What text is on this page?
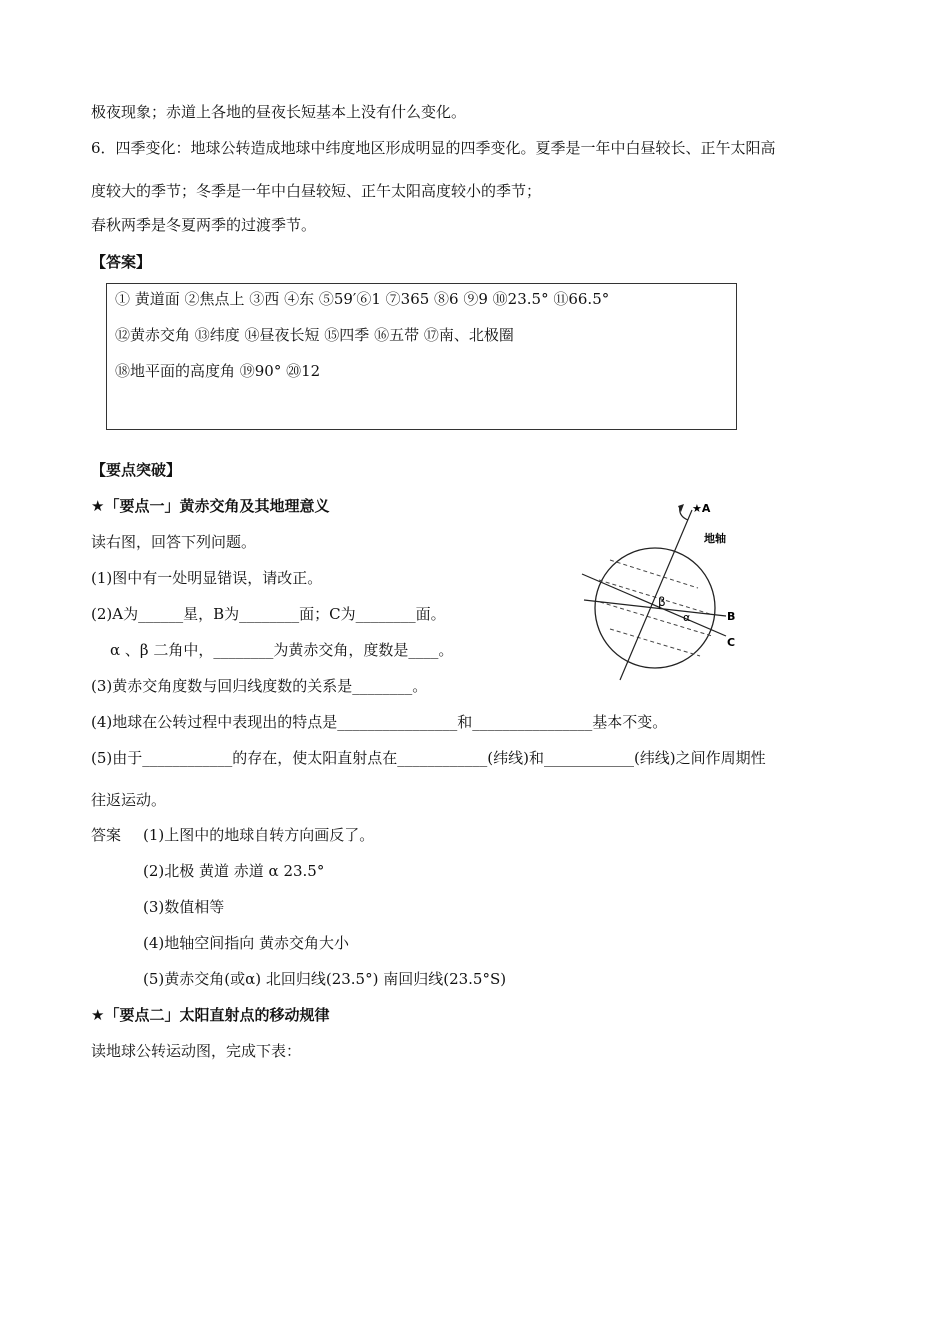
极夜现象；赤道上各地的昼夜长短基本上没有什么变化。
6．四季变化：地球公转造成地球中纬度地区形成明显的四季变化。夏季是一年中白昼较长、正午太阳高
度较大的季节；冬季是一年中白昼较短、正午太阳高度较小的季节；
春秋两季是冬夏两季的过渡季节。
【答案】
① 黄道面 ②焦点上 ③西 ④东 ⑤59′⑥1 ⑦365 ⑧6 ⑨9 ⑩23.5° ⑪66.5°
⑫黄赤交角 ⑬纬度 ⑭昼夜长短 ⑮四季 ⑯五带 ⑰南、北极圈
⑱地平面的高度角 ⑲90° ⑳12
【要点突破】
★「要点一」黄赤交角及其地理意义
读右图，回答下列问题。
(1)图中有一处明显错误，请改正。
(2)A为______星，B为________面；C为________面。
α 、β 二角中，________为黄赤交角，度数是____。
(3)黄赤交角度数与回归线度数的关系是________。
(4)地球在公转过程中表现出的特点是________________和________________基本不变。
(5)由于____________的存在，使太阳直射点在____________(纬线)和____________(纬线)之间作周期性
往返运动。
答案 (1)上图中的地球自转方向画反了。
(2)北极 黄道 赤道 α 23.5°
(3)数值相等
(4)地轴空间指向 黄赤交角大小
(5)黄赤交角(或α) 北回归线(23.5°) 南回归线(23.5°S)
★「要点二」太阳直射点的移动规律
读地球公转运动图，完成下表：
★A
地轴
β
α	B
C
